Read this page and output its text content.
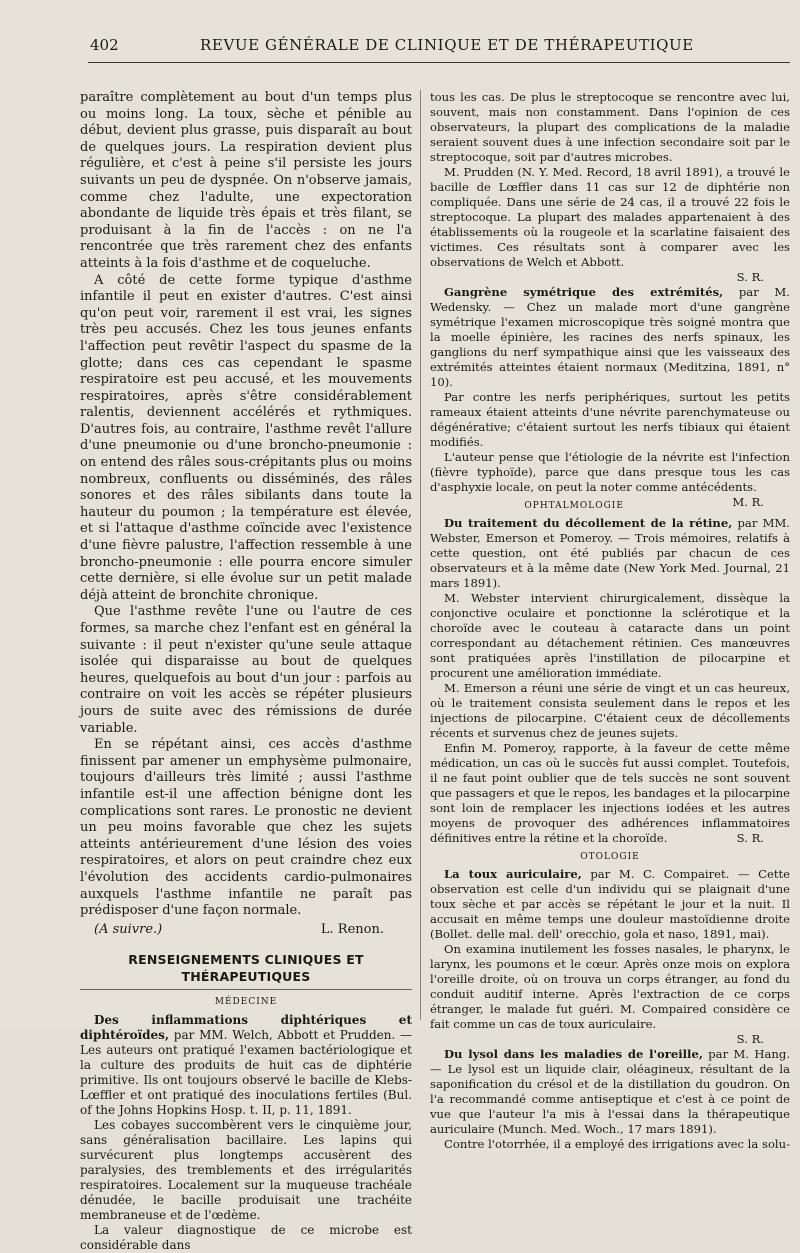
402	REVUE GÉNÉRALE DE CLINIQUE ET DE THÉRAPEUTIQUE

paraître complètement au bout d'un temps plus ou moins long. La toux, sèche et pénible au début, devient plus grasse, puis disparaît au bout de quelques jours. La respiration devient plus régulière, et c'est à peine s'il persiste les jours suivants un peu de dyspnée. On n'observe jamais, comme chez l'adulte, une expectoration abondante de liquide très épais et très filant, se produisant à la fin de l'accès : on ne l'a rencontrée que très rarement chez des enfants atteints à la fois d'asthme et de coqueluche.

A côté de cette forme typique d'asthme infantile il peut en exister d'autres. C'est ainsi qu'on peut voir, rarement il est vrai, les signes très peu accusés. Chez les tous jeunes enfants l'affection peut revêtir l'aspect du spasme de la glotte; dans ces cas cependant le spasme respiratoire est peu accusé, et les mouvements respiratoires, après s'être considérablement ralentis, deviennent accélérés et rythmiques. D'autres fois, au contraire, l'asthme revêt l'allure d'une pneumonie ou d'une broncho-pneumonie : on entend des râles sous-crépitants plus ou moins nombreux, confluents ou disséminés, des râles sonores et des râles sibilants dans toute la hauteur du poumon ; la température est élevée, et si l'attaque d'asthme coïncide avec l'existence d'une fièvre palustre, l'affection ressemble à une broncho-pneumonie : elle pourra encore simuler cette dernière, si elle évolue sur un petit malade déjà atteint de bronchite chronique.

Que l'asthme revête l'une ou l'autre de ces formes, sa marche chez l'enfant est en général la suivante : il peut n'exister qu'une seule attaque isolée qui disparaisse au bout de quelques heures, quelquefois au bout d'un jour : parfois au contraire on voit les accès se répéter plusieurs jours de suite avec des rémissions de durée variable.

En se répétant ainsi, ces accès d'asthme finissent par amener un emphysème pulmonaire, toujours d'ailleurs très limité ; aussi l'asthme infantile est-il une affection bénigne dont les complications sont rares. Le pronostic ne devient un peu moins favorable que chez les sujets atteints antérieurement d'une lésion des voies respiratoires, et alors on peut craindre chez eux l'évolution des accidents cardio-pulmonaires auxquels l'asthme infantile ne paraît pas prédisposer d'une façon normale.

(A suivre.)	L. Renon.
RENSEIGNEMENTS CLINIQUES ET THÉRAPEUTIQUES
MÉDECINE

Des inflammations diphtériques et diphtéroïdes, par MM. Welch, Abbott et Prudden. — Les auteurs ont pratiqué l'examen bactériologique et la culture des produits de huit cas de diphtérie primitive. Ils ont toujours observé le bacille de Klebs-Lœffler et ont pratiqué des inoculations fertiles (Bul. of the Johns Hopkins Hosp. t. II, p. 11, 1891.

Les cobayes succombèrent vers le cinquième jour, sans généralisation bacillaire. Les lapins qui survécurent plus longtemps accusèrent des paralysies, des tremblements et des irrégularités respiratoires. Localement sur la muqueuse trachéale dénudée, le bacille produisait une trachéite membraneuse et de l'œdème.

La valeur diagnostique de ce microbe est considérable dans

tous les cas. De plus le streptocoque se rencontre avec lui, souvent, mais non constamment. Dans l'opinion de ces observateurs, la plupart des complications de la maladie seraient souvent dues à une infection secondaire soit par le streptocoque, soit par d'autres microbes.

M. Prudden (N. Y. Med. Record, 18 avril 1891), a trouvé le bacille de Lœffler dans 11 cas sur 12 de diphtérie non compliquée. Dans une série de 24 cas, il a trouvé 22 fois le streptocoque. La plupart des malades appartenaient à des établissements où la rougeole et la scarlatine faisaient des victimes. Ces résultats sont à comparer avec les observations de Welch et Abbott.

S. R.

Gangrène symétrique des extrémités, par M. Wedensky. — Chez un malade mort d'une gangrène symétrique l'examen microscopique très soigné montra que la moelle épinière, les racines des nerfs spinaux, les ganglions du nerf sympathique ainsi que les vaisseaux des extrémités atteintes étaient normaux (Meditzina, 1891, n° 10).

Par contre les nerfs periphériques, surtout les petits rameaux étaient atteints d'une névrite parenchymateuse ou dégénérative; c'étaient surtout les nerfs tibiaux qui étaient modifiés.

L'auteur pense que l'étiologie de la névrite est l'infection (fièvre typhoïde), parce que dans presque tous les cas d'asphyxie locale, on peut la noter comme antécédents.
M. R.

OPHTALMOLOGIE

Du traitement du décollement de la rétine, par MM. Webster, Emerson et Pomeroy. — Trois mémoires, relatifs à cette question, ont été publiés par chacun de ces observateurs et à la même date (New York Med. Journal, 21 mars 1891).

M. Webster intervient chirurgicalement, dissèque la conjonctive oculaire et ponctionne la sclérotique et la choroïde avec le couteau à cataracte dans un point correspondant au détachement rétinien. Ces manœuvres sont pratiquées après l'instillation de pilocarpine et procurent une amélioration immédiate.

M. Emerson a réuni une série de vingt et un cas heureux, où le traitement consista seulement dans le repos et les injections de pilocarpine. C'étaient ceux de décollements récents et survenus chez de jeunes sujets.

Enfin M. Pomeroy, rapporte, à la faveur de cette même médication, un cas où le succès fut aussi complet. Toutefois, il ne faut point oublier que de tels succès ne sont souvent que passagers et que le repos, les bandages et la pilocarpine sont loin de remplacer les injections iodées et les autres moyens de provoquer des adhérences inflammatoires définitives entre la rétine et la choroïde.	S. R.

OTOLOGIE

La toux auriculaire, par M. C. Compairet. — Cette observation est celle d'un individu qui se plaignait d'une toux sèche et par accès se répétant le jour et la nuit. Il accusait en même temps une douleur mastoïdienne droite (Bollet. delle mal. dell' orecchio, gola et naso, 1891, mai).

On examina inutilement les fosses nasales, le pharynx, le larynx, les poumons et le cœur. Après onze mois on explora l'oreille droite, où on trouva un corps étranger, au fond du conduit auditif interne. Après l'extraction de ce corps étranger, le malade fut guéri. M. Compaired considère ce fait comme un cas de toux auriculaire.

S. R.

Du lysol dans les maladies de l'oreille, par M. Hang. — Le lysol est un liquide clair, oléagineux, résultant de la saponification du crésol et de la distillation du goudron. On l'a recommandé comme antiseptique et c'est à ce point de vue que l'auteur l'a mis à l'essai dans la thérapeutique auriculaire (Munch. Med. Woch., 17 mars 1891).

Contre l'otorrhée, il a employé des irrigations avec la solu-
